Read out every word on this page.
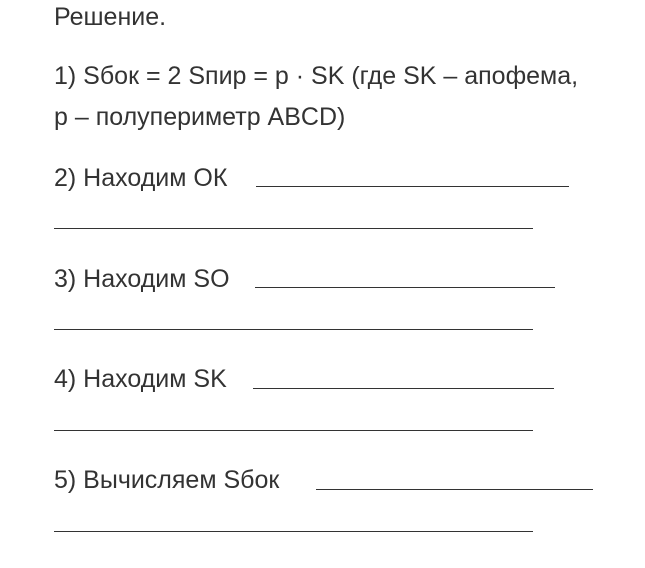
Решение.
1) Sбок = 2 Sпир = p · SK (где SK – апофема,
p – полупериметр ABCD)
2) Находим ОК
3) Находим SO
4) Находим SK
5) Вычисляем Sбок
